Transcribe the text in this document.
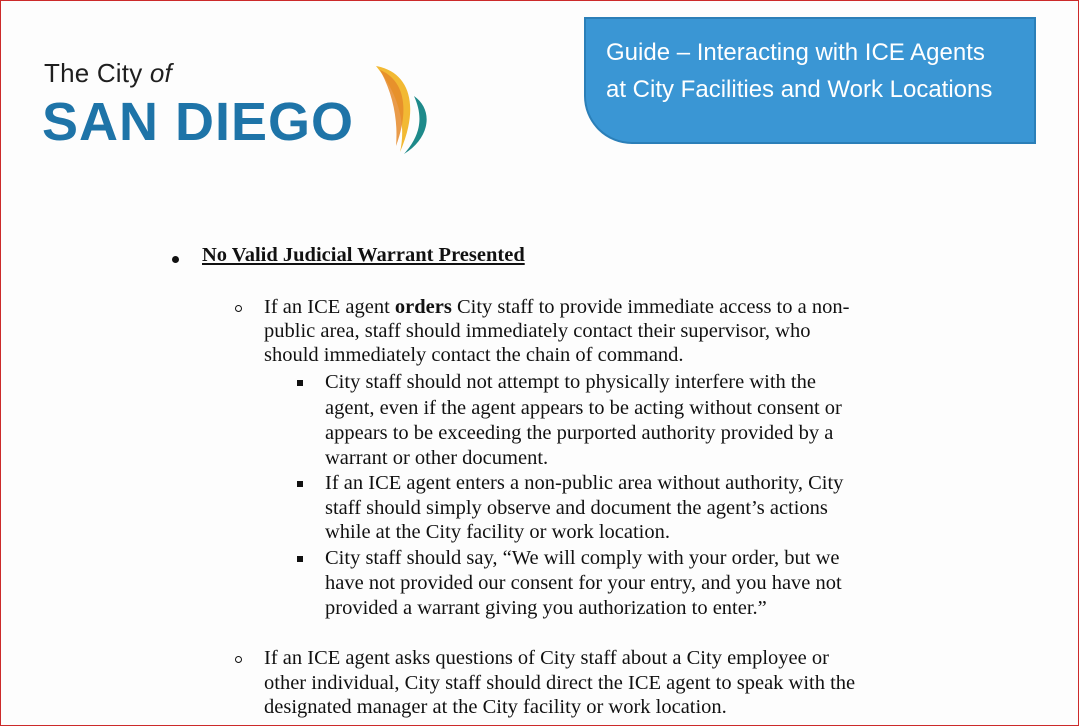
The City of
SAN DIEGO
Guide – Interacting with ICE Agents
at City Facilities and Work Locations
No Valid Judicial Warrant Presented
If an ICE agent orders City staff to provide immediate access to a non-
public area, staff should immediately contact their supervisor, who
should immediately contact the chain of command.
City staff should not attempt to physically interfere with the
agent, even if the agent appears to be acting without consent or
appears to be exceeding the purported authority provided by a
warrant or other document.
If an ICE agent enters a non-public area without authority, City
staff should simply observe and document the agent’s actions
while at the City facility or work location.
City staff should say, “We will comply with your order, but we
have not provided our consent for your entry, and you have not
provided a warrant giving you authorization to enter.”
If an ICE agent asks questions of City staff about a City employee or
other individual, City staff should direct the ICE agent to speak with the
designated manager at the City facility or work location.
